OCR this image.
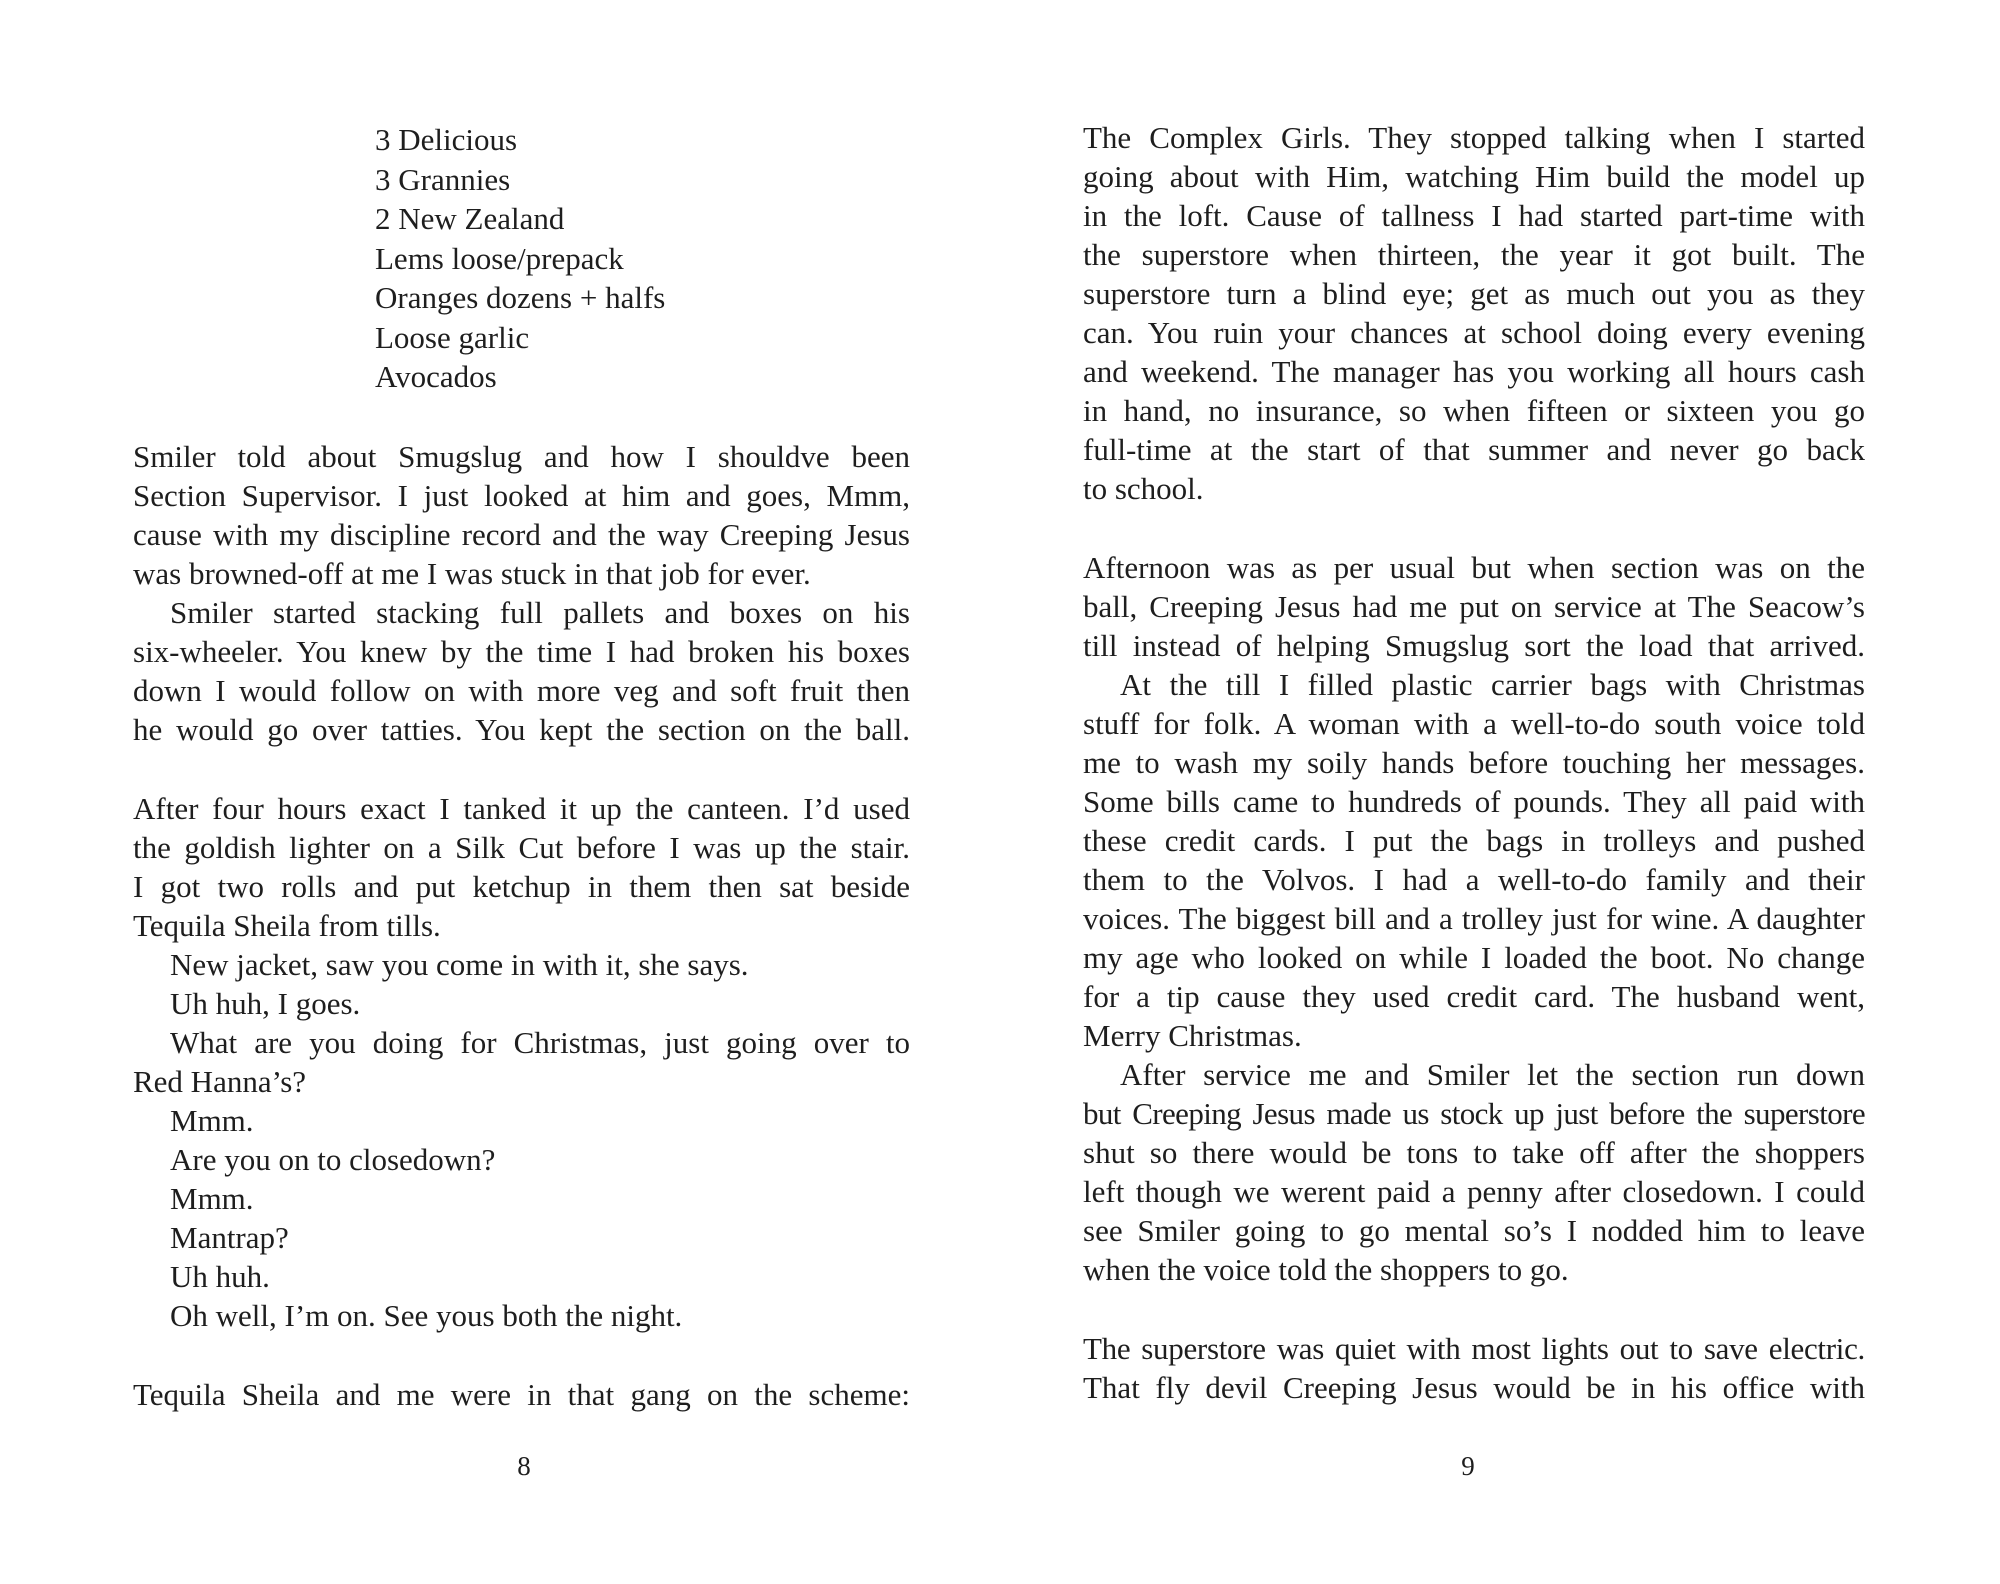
3 Delicious
3 Grannies
2 New Zealand
Lems loose/prepack
Oranges dozens + halfs
Loose garlic
Avocados
Smiler told about Smugslug and how I shouldve been
Section Supervisor. I just looked at him and goes, Mmm,
cause with my discipline record and the way Creeping Jesus
was browned-off at me I was stuck in that job for ever.
Smiler started stacking full pallets and boxes on his
six-wheeler. You knew by the time I had broken his boxes
down I would follow on with more veg and soft fruit then
he would go over tatties. You kept the section on the ball.
After four hours exact I tanked it up the canteen. I’d used
the goldish lighter on a Silk Cut before I was up the stair.
I got two rolls and put ketchup in them then sat beside
Tequila Sheila from tills.
New jacket, saw you come in with it, she says.
Uh huh, I goes.
What are you doing for Christmas, just going over to
Red Hanna’s?
Mmm.
Are you on to closedown?
Mmm.
Mantrap?
Uh huh.
Oh well, I’m on. See yous both the night.
Tequila Sheila and me were in that gang on the scheme:
8
The Complex Girls. They stopped talking when I started
going about with Him, watching Him build the model up
in the loft. Cause of tallness I had started part-time with
the superstore when thirteen, the year it got built. The
superstore turn a blind eye; get as much out you as they
can. You ruin your chances at school doing every evening
and weekend. The manager has you working all hours cash
in hand, no insurance, so when fifteen or sixteen you go
full-time at the start of that summer and never go back
to school.
Afternoon was as per usual but when section was on the
ball, Creeping Jesus had me put on service at The Seacow’s
till instead of helping Smugslug sort the load that arrived.
At the till I filled plastic carrier bags with Christmas
stuff for folk. A woman with a well-to-do south voice told
me to wash my soily hands before touching her messages.
Some bills came to hundreds of pounds. They all paid with
these credit cards. I put the bags in trolleys and pushed
them to the Volvos. I had a well-to-do family and their
voices. The biggest bill and a trolley just for wine. A daughter
my age who looked on while I loaded the boot. No change
for a tip cause they used credit card. The husband went,
Merry Christmas.
After service me and Smiler let the section run down
but Creeping Jesus made us stock up just before the superstore
shut so there would be tons to take off after the shoppers
left though we werent paid a penny after closedown. I could
see Smiler going to go mental so’s I nodded him to leave
when the voice told the shoppers to go.
The superstore was quiet with most lights out to save electric.
That fly devil Creeping Jesus would be in his office with
9
